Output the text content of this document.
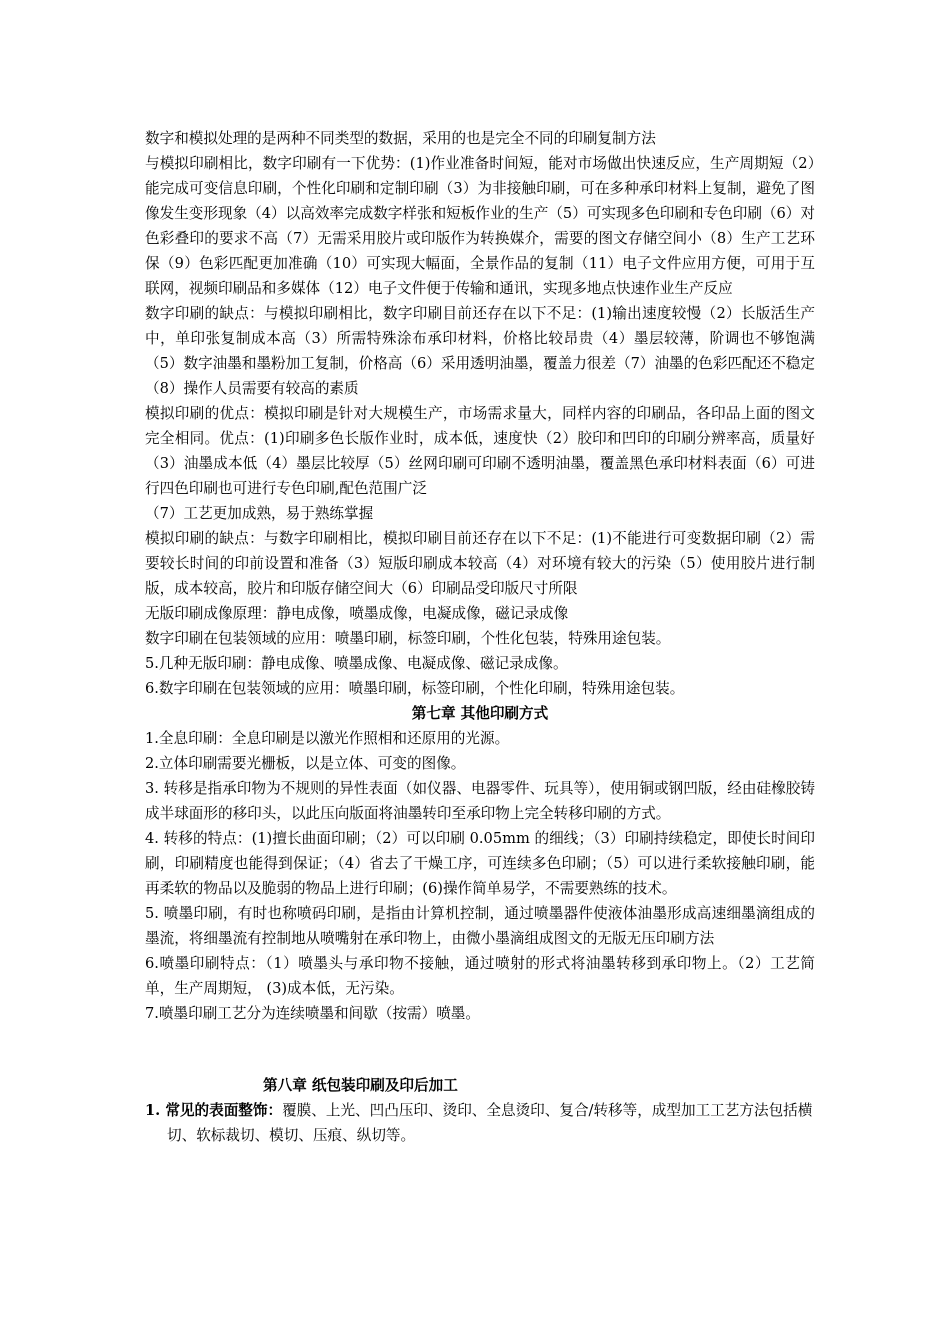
数字和模拟处理的是两种不同类型的数据，采用的也是完全不同的印刷复制方法

与模拟印刷相比，数字印刷有一下优势：(1)作业准备时间短，能对市场做出快速反应，生产周期短（2）能完成可变信息印刷，个性化印刷和定制印刷（3）为非接触印刷，可在多种承印材料上复制，避免了图像发生变形现象（4）以高效率完成数字样张和短板作业的生产（5）可实现多色印刷和专色印刷（6）对色彩叠印的要求不高（7）无需采用胶片或印版作为转换媒介，需要的图文存储空间小（8）生产工艺环保（9）色彩匹配更加准确（10）可实现大幅面，全景作品的复制（11）电子文件应用方便，可用于互联网，视频印刷品和多媒体（12）电子文件便于传输和通讯，实现多地点快速作业生产反应

数字印刷的缺点：与模拟印刷相比，数字印刷目前还存在以下不足：(1)输出速度较慢（2）长版活生产中，单印张复制成本高（3）所需特殊涂布承印材料，价格比较昂贵（4）墨层较薄，阶调也不够饱满（5）数字油墨和墨粉加工复制，价格高（6）采用透明油墨，覆盖力很差（7）油墨的色彩匹配还不稳定（8）操作人员需要有较高的素质

模拟印刷的优点：模拟印刷是针对大规模生产，市场需求量大，同样内容的印刷品，各印品上面的图文完全相同。优点：(1)印刷多色长版作业时，成本低，速度快（2）胶印和凹印的印刷分辨率高，质量好（3）油墨成本低（4）墨层比较厚（5）丝网印刷可印刷不透明油墨，覆盖黑色承印材料表面（6）可进行四色印刷也可进行专色印刷,配色范围广泛

（7）工艺更加成熟，易于熟练掌握

模拟印刷的缺点：与数字印刷相比，模拟印刷目前还存在以下不足：(1)不能进行可变数据印刷（2）需要较长时间的印前设置和准备（3）短版印刷成本较高（4）对环境有较大的污染（5）使用胶片进行制版，成本较高，胶片和印版存储空间大（6）印刷品受印版尺寸所限

无版印刷成像原理：静电成像，喷墨成像，电凝成像，磁记录成像

数字印刷在包装领域的应用：喷墨印刷，标签印刷，个性化包装，特殊用途包装。

5.几种无版印刷：静电成像、喷墨成像、电凝成像、磁记录成像。

6.数字印刷在包装领域的应用：喷墨印刷，标签印刷，个性化印刷，特殊用途包装。

第七章 其他印刷方式

1.全息印刷：全息印刷是以激光作照相和还原用的光源。

2.立体印刷需要光栅板，以是立体、可变的图像。

3. 转移是指承印物为不规则的异性表面（如仪器、电器零件、玩具等），使用铜或钢凹版，经由硅橡胶铸成半球面形的移印头，以此压向版面将油墨转印至承印物上完全转移印刷的方式。

4. 转移的特点：(1)擅长曲面印刷；（2）可以印刷 0.05mm 的细线；（3）印刷持续稳定，即使长时间印刷，印刷精度也能得到保证；（4）省去了干燥工序，可连续多色印刷；（5）可以进行柔软接触印刷，能再柔软的物品以及脆弱的物品上进行印刷；(6)操作简单易学，不需要熟练的技术。

5. 喷墨印刷，有时也称喷码印刷，是指由计算机控制，通过喷墨器件使液体油墨形成高速细墨滴组成的墨流，将细墨流有控制地从喷嘴射在承印物上，由微小墨滴组成图文的无版无压印刷方法

6.喷墨印刷特点：（1）喷墨头与承印物不接触，通过喷射的形式将油墨转移到承印物上。（2）工艺简单，生产周期短， (3)成本低，无污染。

7.喷墨印刷工艺分为连续喷墨和间歇（按需）喷墨。

第八章 纸包装印刷及印后加工

1. 常见的表面整饰：覆膜、上光、凹凸压印、烫印、全息烫印、复合/转移等，成型加工工艺方法包括横切、软标裁切、模切、压痕、纵切等。
